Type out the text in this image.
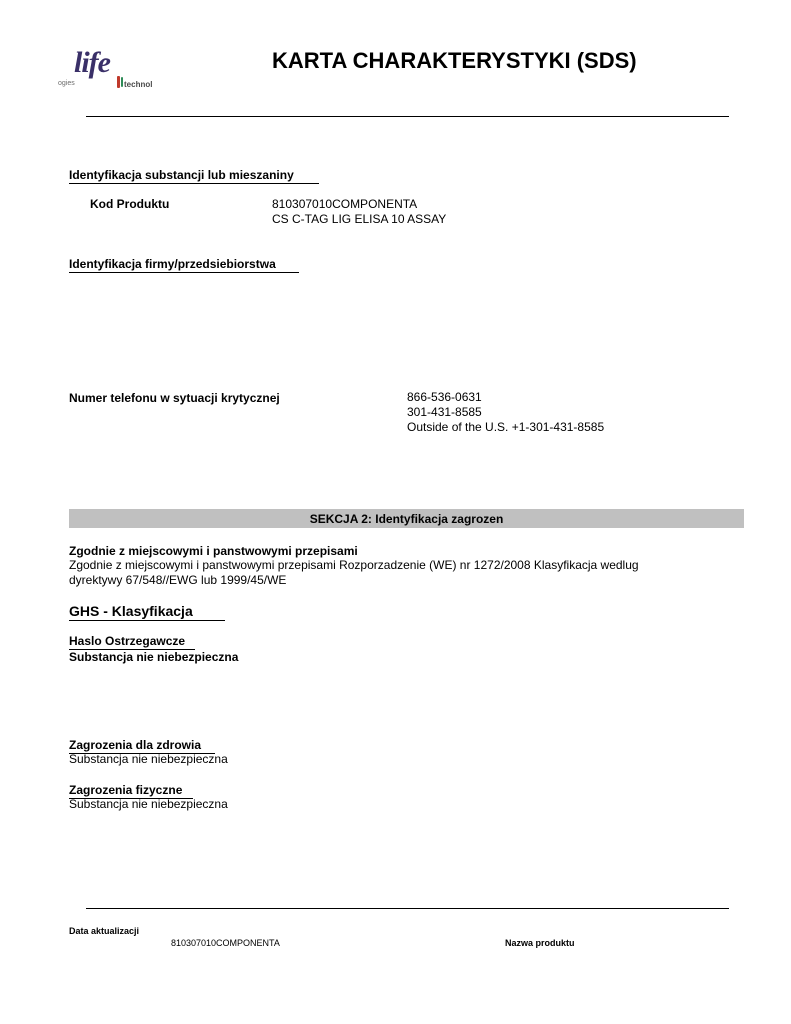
life
ogies	technol
KARTA CHARAKTERYSTYKI (SDS)
Identyfikacja substancji lub mieszaniny
Kod Produktu	810307010COMPONENTA
CS C-TAG LIG ELISA 10 ASSAY
Identyfikacja firmy/przedsiebiorstwa
Numer telefonu w sytuacji krytycznej	866-536-0631
301-431-8585
Outside of the U.S. +1-301-431-8585
SEKCJA 2: Identyfikacja zagrozen
Zgodnie z miejscowymi i panstwowymi przepisami
Zgodnie z miejscowymi i panstwowymi przepisami Rozporzadzenie (WE) nr 1272/2008 Klasyfikacja wedlug
dyrektywy 67/548//EWG lub 1999/45/WE
GHS - Klasyfikacja
Haslo Ostrzegawcze
Substancja nie niebezpieczna
Zagrozenia dla zdrowia
Substancja nie niebezpieczna
Zagrozenia fizyczne
Substancja nie niebezpieczna
Data aktualizacji
810307010COMPONENTA	Nazwa produktu
